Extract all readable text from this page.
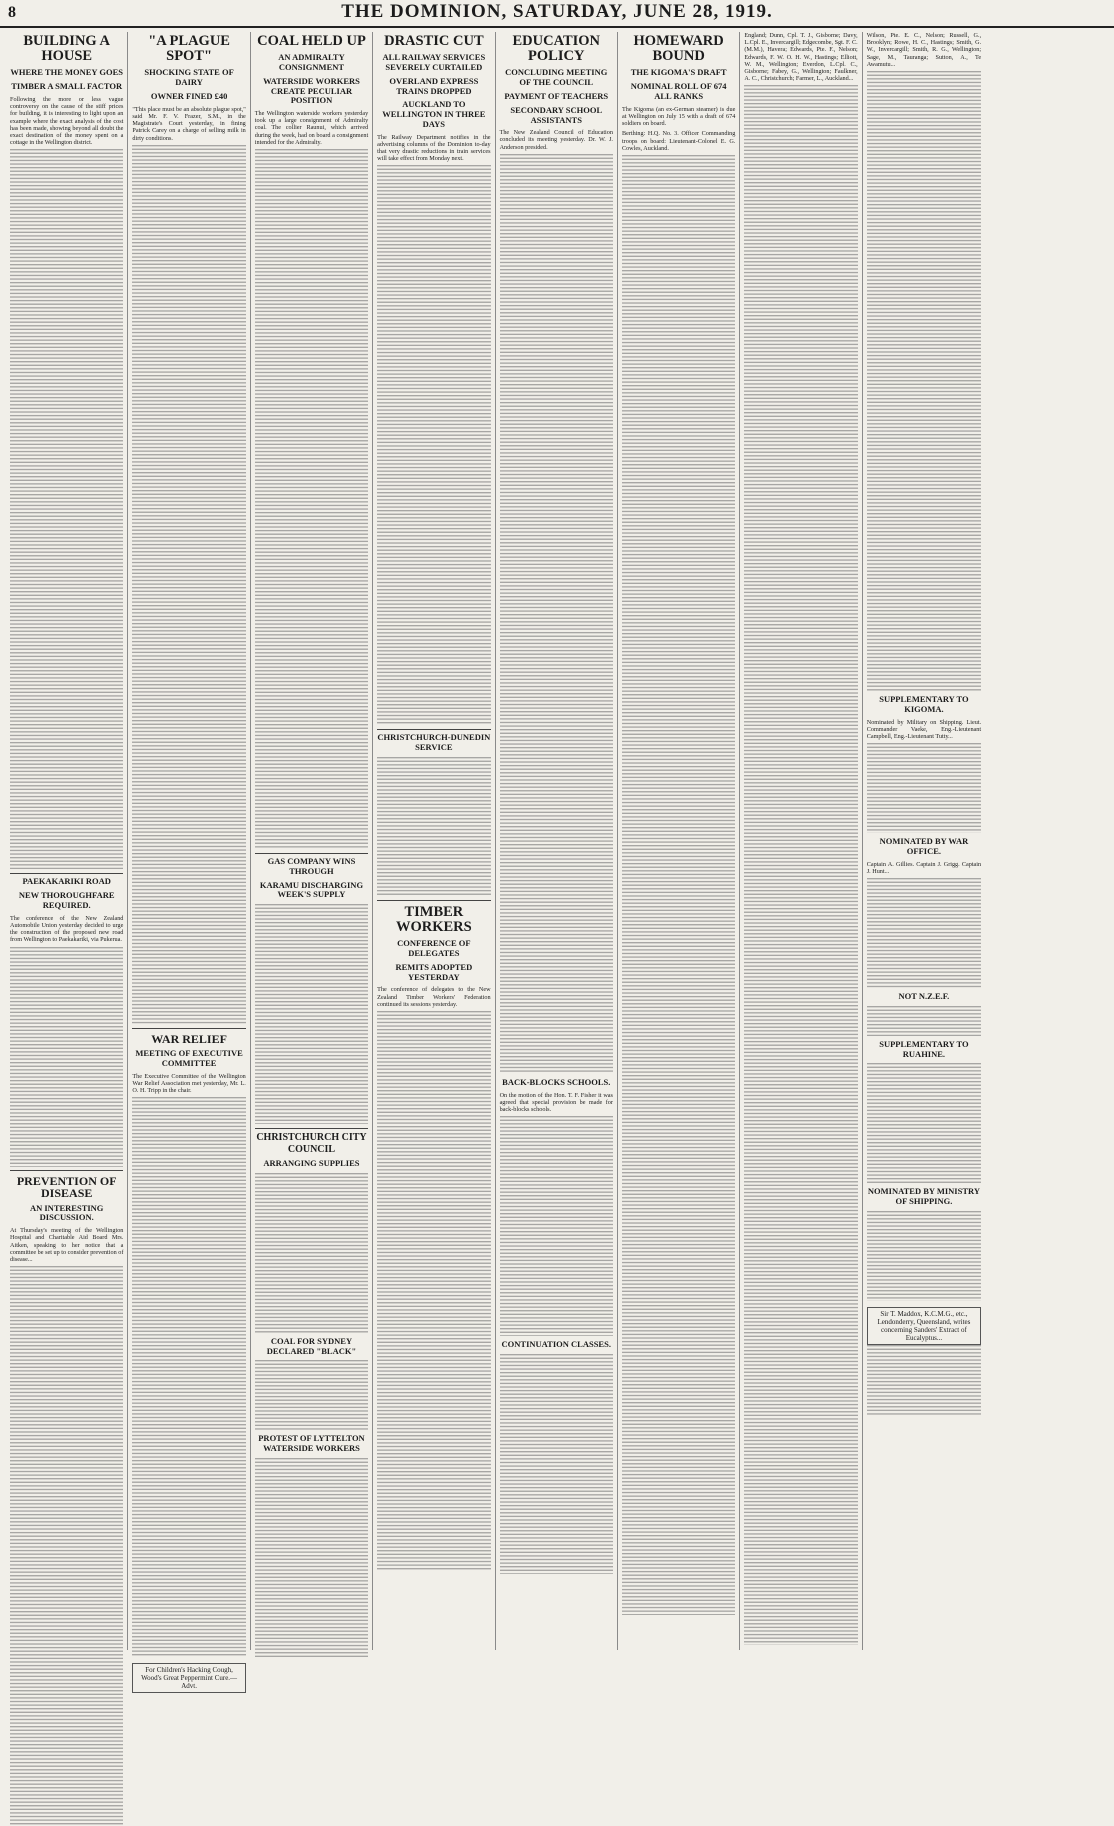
8	THE DOMINION, SATURDAY, JUNE 28, 1919.
BUILDING A HOUSE
WHERE THE MONEY GOES
TIMBER A SMALL FACTOR

Following the more or less vague controversy on the cause of the stiff prices for building, it is interesting to light upon an example where the exact analysis of the cost has been made, showing beyond all doubt the exact destination of the money spent on a cottage in the Wellington district.

PAEKAKARIKI ROAD
NEW THOROUGHFARE REQUIRED.

The conference of the New Zealand Automobile Union yesterday decided to urge the construction of the proposed new road from Wellington to Paekakariki, via Pukerua.

PREVENTION OF DISEASE
AN INTERESTING DISCUSSION.

At Thursday's meeting of the Wellington Hospital and Charitable Aid Board Mrs. Aitken, speaking to her notice that a committee be set up to consider prevention of disease...

"A PLAGUE SPOT"
SHOCKING STATE OF DAIRY
OWNER FINED £40

"This place must be an absolute plague spot," said Mr. F. V. Frazer, S.M., in the Magistrate's Court yesterday, in fining Patrick Carey on a charge of selling milk in dirty conditions.

WAR RELIEF
MEETING OF EXECUTIVE COMMITTEE

The Executive Committee of the Wellington War Relief Association met yesterday, Mr. L. O. H. Tripp in the chair.

For Children's Hacking Cough, Wood's Great Peppermint Cure.—Advt.
COAL HELD UP
AN ADMIRALTY CONSIGNMENT
WATERSIDE WORKERS CREATE PECULIAR POSITION

The Wellington waterside workers yesterday took up a large consignment of Admiralty coal. The collier Raunui, which arrived during the week, had on board a consignment intended for the Admiralty.

GAS COMPANY WINS THROUGH
KARAMU DISCHARGING WEEK'S SUPPLY

CHRISTCHURCH CITY COUNCIL
ARRANGING SUPPLIES

COAL FOR SYDNEY DECLARED "BLACK"

PROTEST OF LYTTELTON WATERSIDE WORKERS

DRASTIC CUT
ALL RAILWAY SERVICES SEVERELY CURTAILED
OVERLAND EXPRESS TRAINS DROPPED
AUCKLAND TO WELLINGTON IN THREE DAYS

The Railway Department notifies in the advertising columns of the Dominion to-day that very drastic reductions in train services will take effect from Monday next.

CHRISTCHURCH-DUNEDIN SERVICE

TIMBER WORKERS
CONFERENCE OF DELEGATES
REMITS ADOPTED YESTERDAY

The conference of delegates to the New Zealand Timber Workers' Federation continued its sessions yesterday.

EDUCATION POLICY
CONCLUDING MEETING OF THE COUNCIL
PAYMENT OF TEACHERS
SECONDARY SCHOOL ASSISTANTS

The New Zealand Council of Education concluded its meeting yesterday. Dr. W. J. Anderson presided.

BACK-BLOCKS SCHOOLS.

On the motion of the Hon. T. F. Fisher it was agreed that special provision be made for back-blocks schools.

CONTINUATION CLASSES.

HOMEWARD BOUND
THE KIGOMA'S DRAFT
NOMINAL ROLL OF 674 ALL RANKS

The Kigoma (an ex-German steamer) is due at Wellington on July 15 with a draft of 674 soldiers on board.

Berthing: H.Q. No. 3. Officer Commanding troops on board: Lieutenant-Colonel E. G. Cowles, Auckland.

England; Dunn, Cpl. T. J., Gisborne; Davy, L.Cpl. E., Invercargill; Edgecombe, Sgt. F. C. (M.M.), Havera; Edwards, Pte. F., Nelson; Edwards, F. W. O. H. W., Hastings; Elliott, W. M., Wellington; Everdon, L.Cpl. C., Gisborne; Fabey, G., Wellington; Faulkner, A. C., Christchurch; Farmer, L., Auckland...

Wilson, Pte. E. C., Nelson; Russell, G., Brooklyn; Rowe, H. C., Hastings; Smith, G. W., Invercargill; Smith, R. G., Wellington; Sage, M., Tauranga; Sutton, A., Te Awamutu...

SUPPLEMENTARY TO KIGOMA.

Nominated by Military on Shipping. Lieut. Commander Vaeke, Eng.-Lieutenant Campbell, Eng.-Lieutenant Tutty...

NOMINATED BY WAR OFFICE.

Captain A. Gillies. Captain J. Grigg. Captain J. Hunt...

NOT N.Z.E.F.

SUPPLEMENTARY TO RUAHINE.

NOMINATED BY MINISTRY OF SHIPPING.

Sir T. Maddox, K.C.M.G., etc., Lendonderry, Queensland, writes concerning Sanders' Extract of Eucalyptus...
